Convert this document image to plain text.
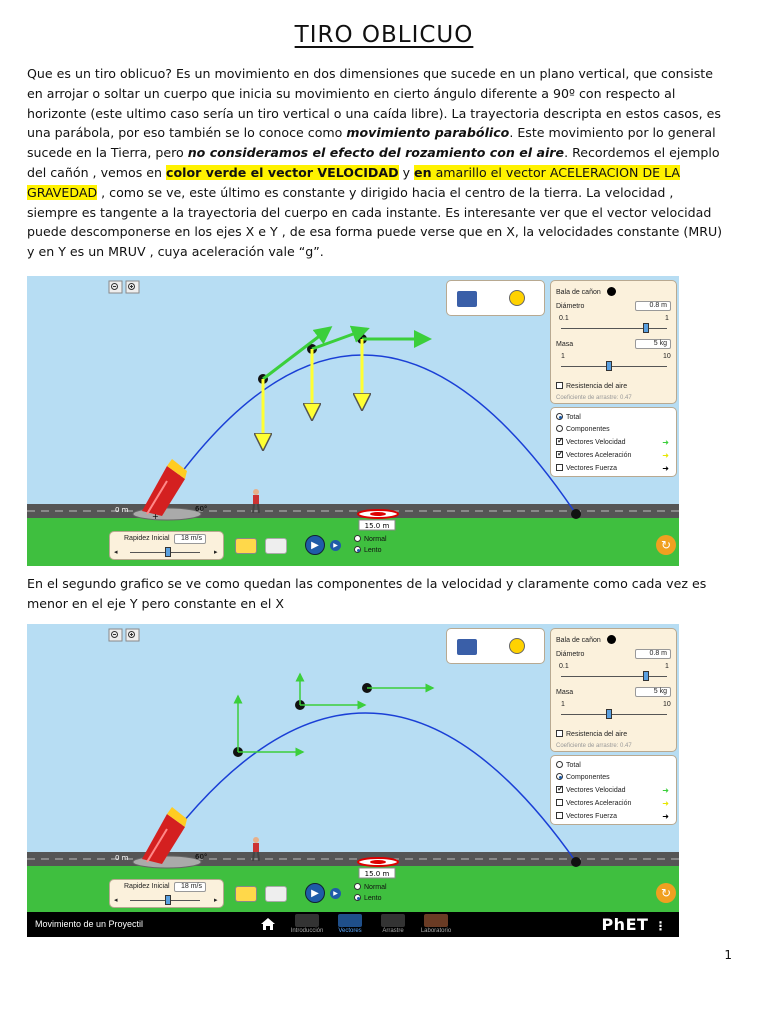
TIRO OBLICUO
Que es un tiro oblicuo? Es un movimiento en dos dimensiones que sucede en un plano vertical, que consiste en arrojar o soltar un cuerpo que inicia su movimiento en cierto ángulo diferente a 90º con respecto al horizonte (este ultimo caso sería un tiro vertical o una caída libre). La trayectoria descripta en estos casos, es una parábola, por eso también se lo conoce como movimiento parabólico. Este movimiento por lo general sucede en la Tierra, pero no consideramos el efecto del rozamiento con el aire. Recordemos el ejemplo del cañón , vemos en color verde el vector VELOCIDAD y en amarillo el vector ACELERACION DE LA GRAVEDAD , como se ve, este último es constante y dirigido hacia el centro de la tierra. La velocidad , siempre es tangente a la trayectoria del cuerpo en cada instante. Es interesante ver que el vector velocidad puede descomponerse en los ejes X e Y , de esa forma puede verse que en X, la velocidades constante (MRU) y en Y es un MRUV , cuya aceleración vale “g”.
+
0 m	60°
15.0 m
Bala de cañon
Diámetro	0.8 m
0.1	1
Masa	5 kg
1	10
Resistencia del aire
Coeficiente de arrastre: 0.47
Total
Componentes
✓Vectores Velocidad	➜
✓Vectores Aceleración	➜
Vectores Fuerza	➜
Rapidez Inicial	18 m/s
◂	▸
▶	▶
Normal
Lento	↻
En el segundo grafico se ve como quedan las componentes de la velocidad y claramente como cada vez es menor en el eje Y pero constante en el X
0 m	60°
15.0 m
Bala de cañon
Diámetro	0.8 m
0.1	1
Masa	5 kg
1	10
Resistencia del aire
Coeficiente de arrastre: 0.47
Total
Componentes
✓Vectores Velocidad	➜
Vectores Aceleración	➜
Vectores Fuerza	➜
Rapidez Inicial	18 m/s
◂	▸
▶	▶
Normal
Lento	↻
Movimiento de un Proyectil
Introducción	Vectores	Arrastre	Laboratorio	PhET ⋮
1
